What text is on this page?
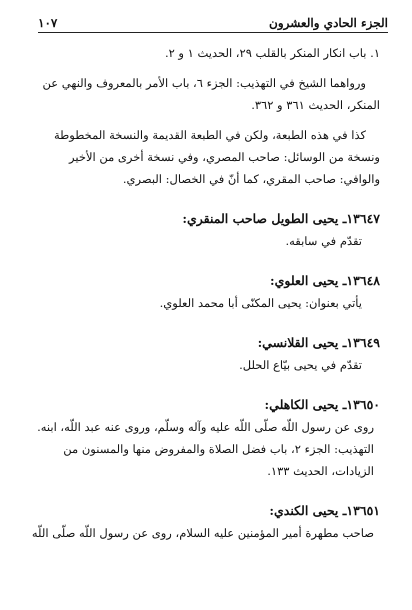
الجزء الحادي والعشرون
١٠٧

١. باب انكار المنكر بالقلب ٢٩، الحديث ١ و ٢.

ورواهما الشيخ في التهذيب: الجزء ٦، باب الأمر بالمعروف والنهي عن المنكر، الحديث ٣٦١ و ٣٦٢.

كذا في هذه الطبعة، ولكن في الطبعة القديمة والنسخة المخطوطة ونسخة من الوسائل: صاحب المصري، وفي نسخة أخرى من الأخير والوافي: صاحب المقري، كما أنّ في الخصال: البصري.

١٣٦٤٧ـ يحيى الطويل صاحب المنقري:
تقدّم في سابقه.
١٣٦٤٨ـ يحيى العلوي:
يأتي بعنوان: يحيى المكنّى أبا محمد العلوي.
١٣٦٤٩ـ يحيى القلانسي:
تقدّم في يحيى بيّاع الحلل.
١٣٦٥٠ـ يحيى الكاهلي:
روى عن رسول اللّه صلّى اللّه عليه وآله وسلّم، وروى عنه عبد اللّه، ابنه. التهذيب: الجزء ٢، باب فضل الصلاة والمفروض منها والمسنون من الزيادات، الحديث ١٣٣.
١٣٦٥١ـ يحيى الكندي:
صاحب مطهرة أمير المؤمنين عليه السلام، روى عن رسول اللّه صلّى اللّه
